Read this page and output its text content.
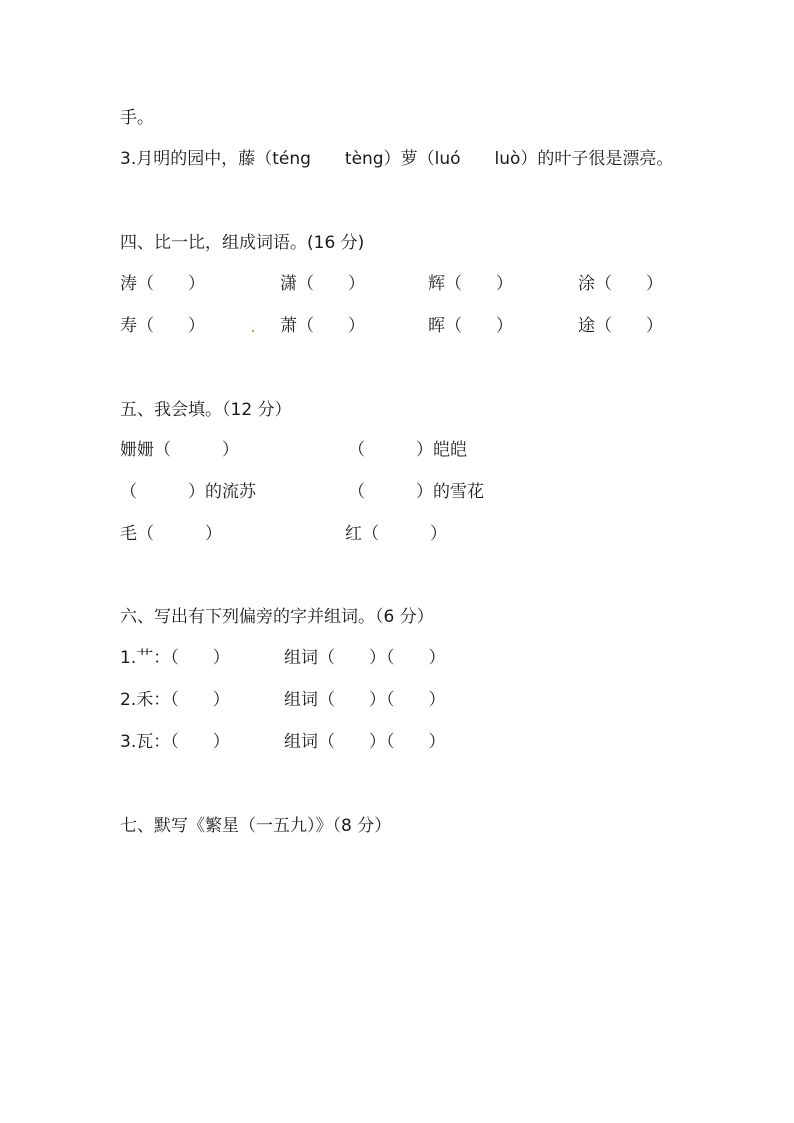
手。
3.月明的园中，藤（téng　　tèng）萝（luó　　luò）的叶子很是漂亮。
四、比一比，组成词语。(16 分)
涛（　　）	潇（　　）	辉（　　）	涂（　　）
寿（　　）	萧（　　）	晖（　　）	途（　　）
五、我会填。（12 分）
姗姗（　　　）	（　　　）皑皑
（　　　）的流苏	（　　　）的雪花
毛（　　　）	红（　　　）
六、写出有下列偏旁的字并组词。（6 分）
1.艹：（　　）	组词（　　）（　　）
2.禾：（　　）	组词（　　）（　　）
3.瓦：（　　）	组词（　　）（　　）
七、默写《繁星（一五九）》（8 分）
